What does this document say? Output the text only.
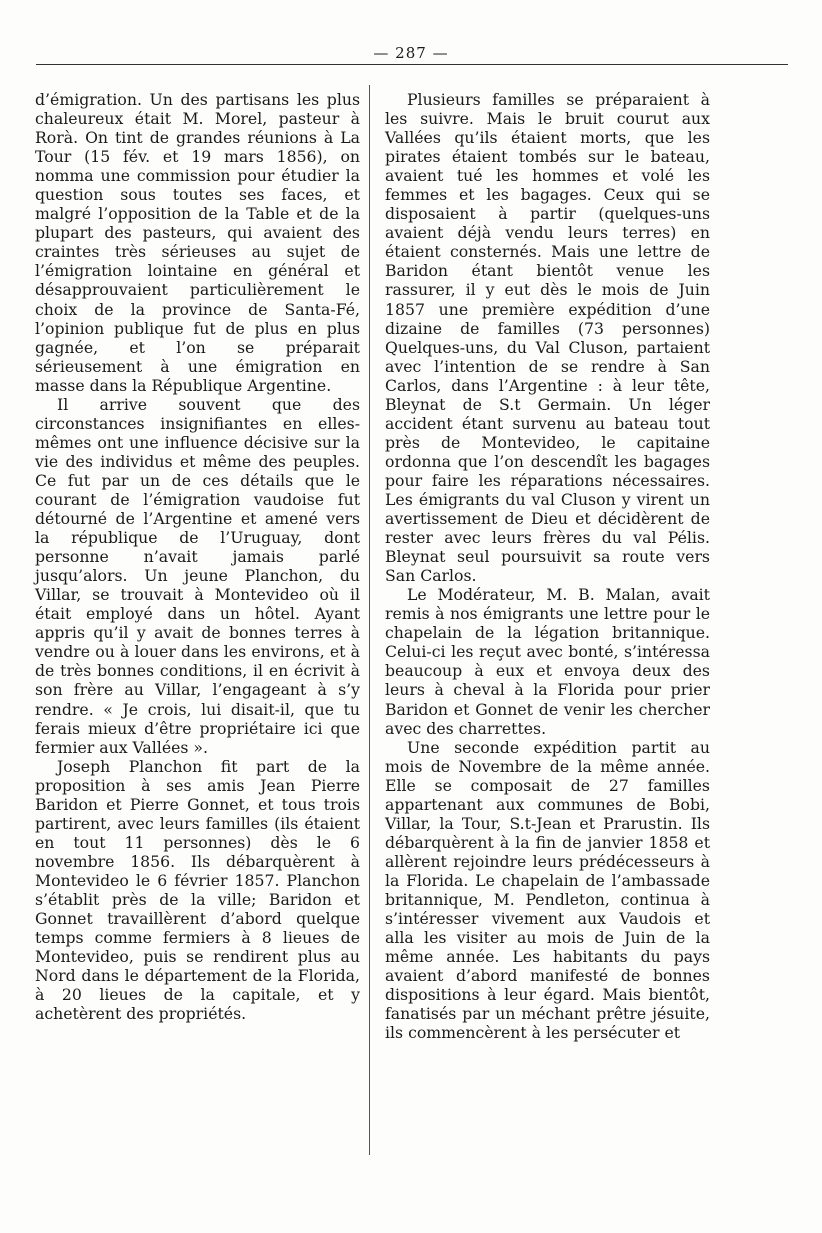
— 287 —

d’émigration. Un des partisans les plus chaleureux était M. Morel, pasteur à Rorà. On tint de grandes réunions à La Tour (15 fév. et 19 mars 1856), on nomma une commission pour étudier la question sous toutes ses faces, et malgré l’opposition de la Table et de la plupart des pasteurs, qui avaient des craintes très sérieuses au sujet de l’émigration lointaine en général et désapprouvaient particulièrement le choix de la province de Santa-Fé, l’opinion publique fut de plus en plus gagnée, et l’on se préparait sérieusement à une émigration en masse dans la République Argentine.

Il arrive souvent que des circonstances insignifiantes en elles-mêmes ont une influence décisive sur la vie des individus et même des peuples. Ce fut par un de ces détails que le courant de l’émigration vaudoise fut détourné de l’Argentine et amené vers la république de l’Uruguay, dont personne n’avait jamais parlé jusqu’alors. Un jeune Planchon, du Villar, se trouvait à Montevideo où il était employé dans un hôtel. Ayant appris qu’il y avait de bonnes terres à vendre ou à louer dans les environs, et à de très bonnes conditions, il en écrivit à son frère au Villar, l’engageant à s’y rendre. « Je crois, lui disait-il, que tu ferais mieux d’être propriétaire ici que fermier aux Vallées ».

Joseph Planchon fit part de la proposition à ses amis Jean Pierre Baridon et Pierre Gonnet, et tous trois partirent, avec leurs familles (ils étaient en tout 11 personnes) dès le 6 novembre 1856. Ils débarquèrent à Montevideo le 6 février 1857. Planchon s’établit près de la ville; Baridon et Gonnet travaillèrent d’abord quelque temps comme fermiers à 8 lieues de Montevideo, puis se rendirent plus au Nord dans le département de la Florida, à 20 lieues de la capitale, et y achetèrent des propriétés.

Plusieurs familles se préparaient à les suivre. Mais le bruit courut aux Vallées qu’ils étaient morts, que les pirates étaient tombés sur le bateau, avaient tué les hommes et volé les femmes et les bagages. Ceux qui se disposaient à partir (quelques-uns avaient déjà vendu leurs terres) en étaient consternés. Mais une lettre de Baridon étant bientôt venue les rassurer, il y eut dès le mois de Juin 1857 une première expédition d’une dizaine de familles (73 personnes) Quelques-uns, du Val Cluson, partaient avec l’intention de se rendre à San Carlos, dans l’Argentine : à leur tête, Bleynat de S.t Germain. Un léger accident étant survenu au bateau tout près de Montevideo, le capitaine ordonna que l’on descendît les bagages pour faire les réparations nécessaires. Les émigrants du val Cluson y virent un avertissement de Dieu et décidèrent de rester avec leurs frères du val Pélis. Bleynat seul poursuivit sa route vers San Carlos.

Le Modérateur, M. B. Malan, avait remis à nos émigrants une lettre pour le chapelain de la légation britannique. Celui-ci les reçut avec bonté, s’intéressa beaucoup à eux et envoya deux des leurs à cheval à la Florida pour prier Baridon et Gonnet de venir les chercher avec des charrettes.

Une seconde expédition partit au mois de Novembre de la même année. Elle se composait de 27 familles appartenant aux communes de Bobi, Villar, la Tour, S.t-Jean et Prarustin. Ils débarquèrent à la fin de janvier 1858 et allèrent rejoindre leurs prédécesseurs à la Florida. Le chapelain de l’ambassade britannique, M. Pendleton, continua à s’intéresser vivement aux Vaudois et alla les visiter au mois de Juin de la même année. Les habitants du pays avaient d’abord manifesté de bonnes dispositions à leur égard. Mais bientôt, fanatisés par un méchant prêtre jésuite, ils commencèrent à les persécuter et
